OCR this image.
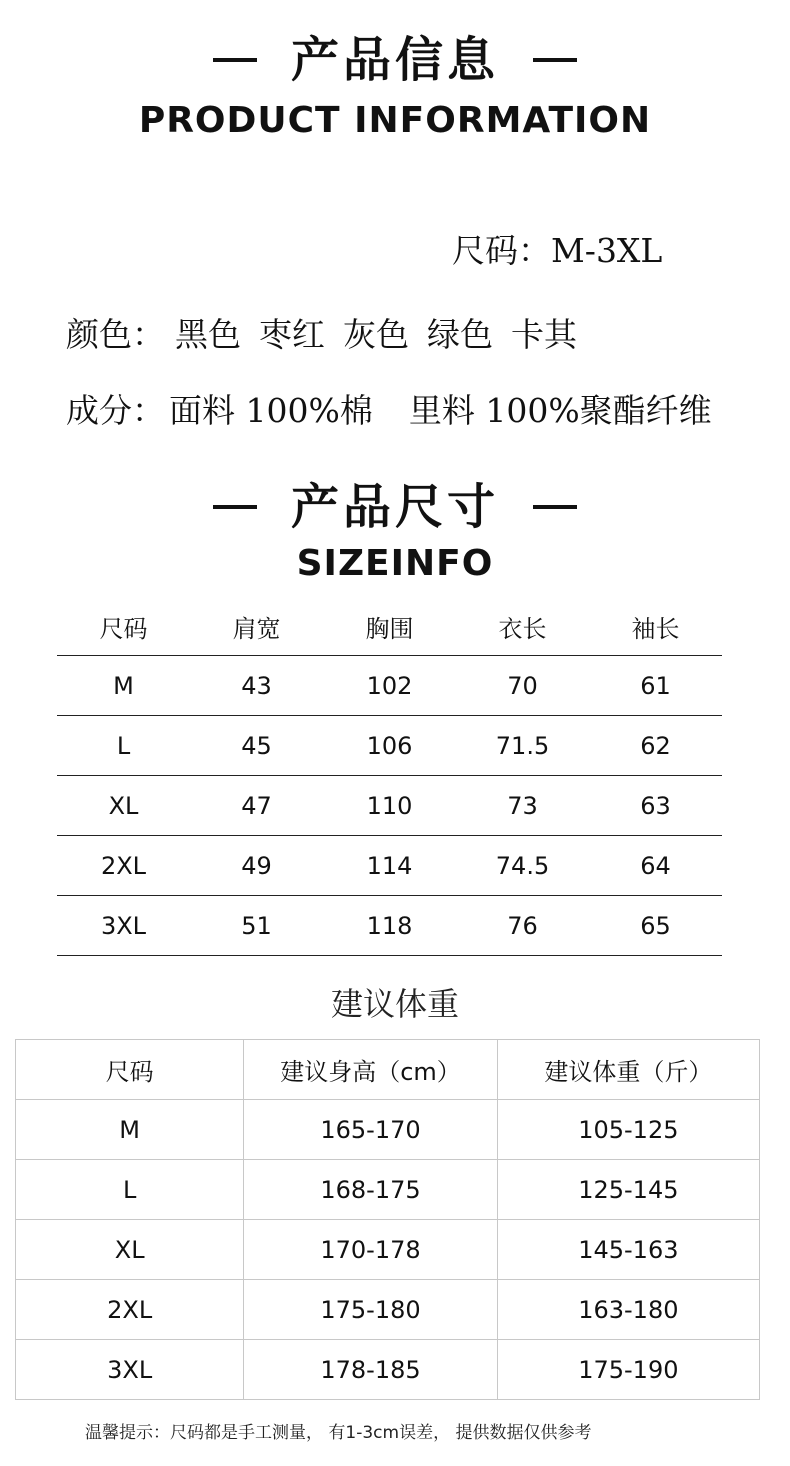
产品信息
PRODUCT INFORMATION
尺码：M-3XL
颜色： 黑色 枣红 灰色 绿色 卡其
成分： 面料 100%棉 里料 100%聚酯纤维
产品尺寸
SIZEINFO
尺码	肩宽	胸围	衣长	袖长
M	43	102	70	61
L	45	106	71.5	62
XL	47	110	73	63
2XL	49	114	74.5	64
3XL	51	118	76	65
建议体重
尺码	建议身高（cm）	建议体重（斤）
M	165-170	105-125
L	168-175	125-145
XL	170-178	145-163
2XL	175-180	163-180
3XL	178-185	175-190
温馨提示：尺码都是手工测量， 有1-3cm误差， 提供数据仅供参考
